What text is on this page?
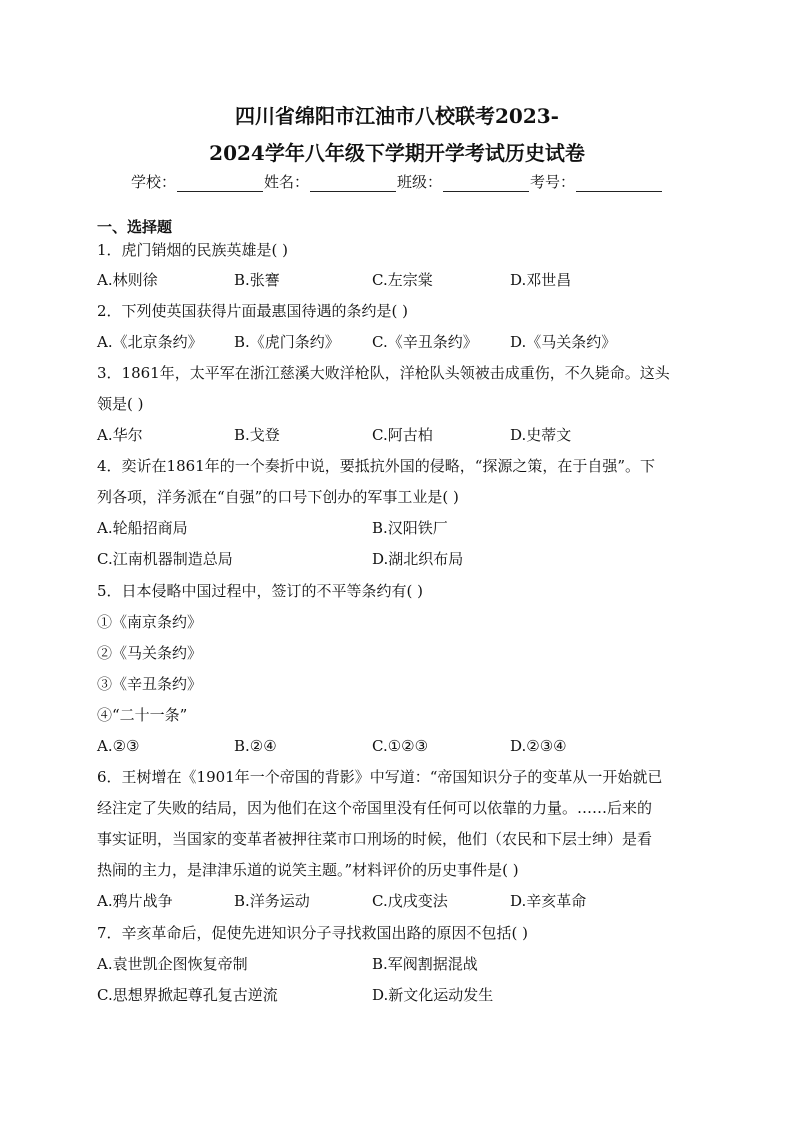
四川省绵阳市江油市八校联考2023-
2024学年八年级下学期开学考试历史试卷
学校：	姓名：	班级：	考号：
一、选择题
1．虎门销烟的民族英雄是( )
A.林则徐	B.张謇	C.左宗棠	D.邓世昌
2．下列使英国获得片面最惠国待遇的条约是( )
A.《北京条约》 B.《虎门条约》 C.《辛丑条约》 D.《马关条约》
3．1861年，太平军在浙江慈溪大败洋枪队，洋枪队头领被击成重伤，不久毙命。这头
领是( )
A.华尔	B.戈登	C.阿古柏	D.史蒂文
4．奕䜣在1861年的一个奏折中说，要抵抗外国的侵略，“探源之策，在于自强”。下
列各项，洋务派在“自强”的口号下创办的军事工业是( )
A.轮船招商局	B.汉阳铁厂
C.江南机器制造总局	D.湖北织布局
5．日本侵略中国过程中，签订的不平等条约有( )
①《南京条约》
②《马关条约》
③《辛丑条约》
④“二十一条”
A.②③	B.②④	C.①②③	D.②③④
6．王树增在《1901年一个帝国的背影》中写道：“帝国知识分子的变革从一开始就已
经注定了失败的结局，因为他们在这个帝国里没有任何可以依靠的力量。……后来的
事实证明，当国家的变革者被押往菜市口刑场的时候，他们（农民和下层士绅）是看
热闹的主力，是津津乐道的说笑主题。”材料评价的历史事件是( )
A.鸦片战争	B.洋务运动	C.戊戌变法	D.辛亥革命
7．辛亥革命后，促使先进知识分子寻找救国出路的原因不包括( )
A.袁世凯企图恢复帝制	B.军阀割据混战
C.思想界掀起尊孔复古逆流	D.新文化运动发生
